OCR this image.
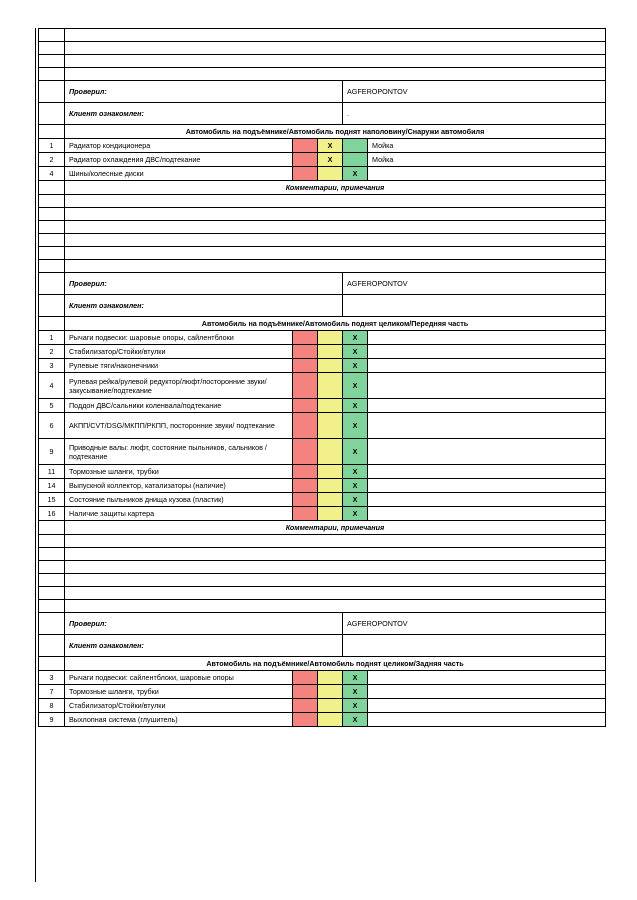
	Проверил:			AGFEROPONTOV	
	Клиент ознакомлен:			.	
	Автомобиль на подъёмнике/Автомобиль поднят наполовину/Снаружи автомобиля				
1	Радиатор кондиционера		X		Мойка
2	Радиатор охлаждения ДВС/подтекание		X		Мойка
4	Шины/колесные диски			X	
	Комментарии, примечания				

	Проверил:			AGFEROPONTOV	
	Клиент ознакомлен:				
	Автомобиль на подъёмнике/Автомобиль поднят целиком/Передняя часть				
1	Рычаги подвески: шаровые опоры, сайлентблоки			X	
2	Стабилизатор/Стойки/втулки			X	
3	Рулевые тяги/наконечники			X	
4	Рулевая рейка/рулевой редуктор/люфт/посторонние звуки/закусывание/подтекание			X	
5	Поддон ДВС/сальники коленвала/подтекание			X	
6	АКПП/CVT/DSG/МКПП/РКПП, посторонние звуки/ подтекание			X	
9	Приводные валы: люфт, состояние пыльников, сальников / подтекание			X	
11	Тормозные шланги, трубки			X	
14	Выпускной коллектор, катализаторы (наличие)			X	
15	Состояние пыльников днища кузова (пластик)			X	
16	Наличие защиты картера			X	
	Комментарии, примечания				

	Проверил:			AGFEROPONTOV	
	Клиент ознакомлен:				
	Автомобиль на подъёмнике/Автомобиль поднят целиком/Задняя часть				
3	Рычаги подвески: сайлентблоки, шаровые опоры			X	
7	Тормозные шланги, трубки			X	
8	Стабилизатор/Стойки/втулки			X	
9	Выхлопная система (глушитель)			X	
